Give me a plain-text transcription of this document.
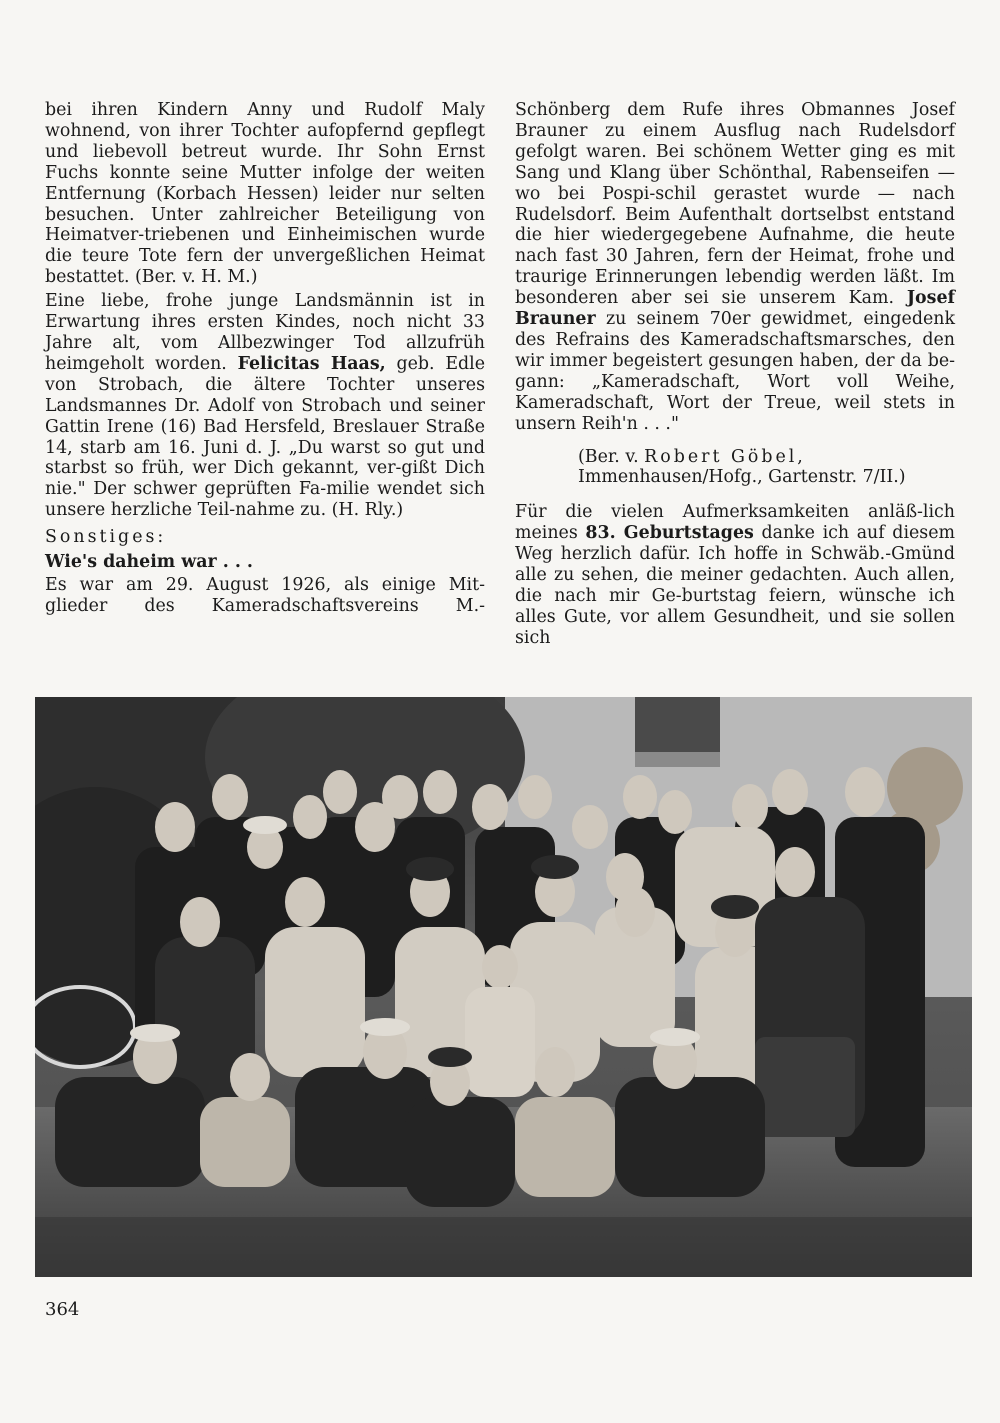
bei ihren Kindern Anny und Rudolf Maly wohnend, von ihrer Tochter aufopfernd gepflegt und liebevoll betreut wurde. Ihr Sohn Ernst Fuchs konnte seine Mutter infolge der weiten Entfernung (Korbach Hessen) leider nur selten besuchen. Unter zahlreicher Beteiligung von Heimatver-triebenen und Einheimischen wurde die teure Tote fern der unvergeßlichen Heimat bestattet. (Ber. v. H. M.)

Eine liebe, frohe junge Landsmännin ist in Erwartung ihres ersten Kindes, noch nicht 33 Jahre alt, vom Allbezwinger Tod allzufrüh heimgeholt worden. Felicitas Haas, geb. Edle von Strobach, die ältere Tochter unseres Landsmannes Dr. Adolf von Strobach und seiner Gattin Irene (16) Bad Hersfeld, Breslauer Straße 14, starb am 16. Juni d. J. „Du warst so gut und starbst so früh, wer Dich gekannt, ver-gißt Dich nie." Der schwer geprüften Fa-milie wendet sich unsere herzliche Teil-nahme zu. (H. Rly.)

Sonstiges:
Wie's daheim war . . .

Es war am 29. August 1926, als einige Mit-glieder des Kameradschaftsvereins M.-

Schönberg dem Rufe ihres Obmannes Josef Brauner zu einem Ausflug nach Rudelsdorf gefolgt waren. Bei schönem Wetter ging es mit Sang und Klang über Schönthal, Rabenseifen — wo bei Pospi-schil gerastet wurde — nach Rudelsdorf. Beim Aufenthalt dortselbst entstand die hier wiedergegebene Aufnahme, die heute nach fast 30 Jahren, fern der Heimat, frohe und traurige Erinnerungen lebendig werden läßt. Im besonderen aber sei sie unserem Kam. Josef Brauner zu seinem 70er gewidmet, eingedenk des Refrains des Kameradschaftsmarsches, den wir immer begeistert gesungen haben, der da be-gann: „Kameradschaft, Wort voll Weihe, Kameradschaft, Wort der Treue, weil stets in unsern Reih'n . . ."

(Ber. v. Robert Göbel,
Immenhausen/Hofg., Gartenstr. 7/II.)

Für die vielen Aufmerksamkeiten anläß-lich meines 83. Geburtstages danke ich auf diesem Weg herzlich dafür. Ich hoffe in Schwäb.-Gmünd alle zu sehen, die meiner gedachten. Auch allen, die nach mir Ge-burtstag feiern, wünsche ich alles Gute, vor allem Gesundheit, und sie sollen sich

364
